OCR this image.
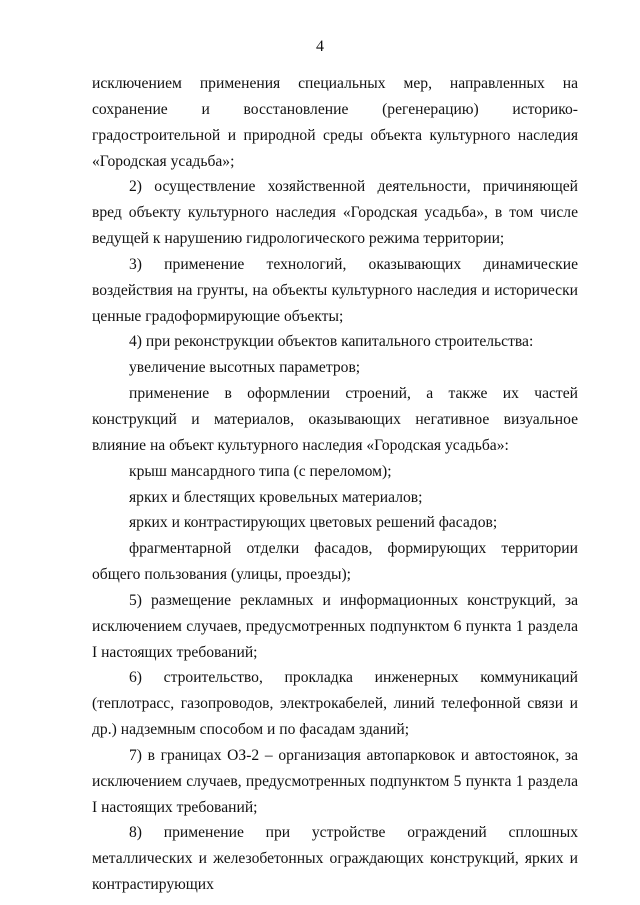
4

исключением применения специальных мер, направленных на сохранение и восстановление (регенерацию) историко-градостроительной и природной среды объекта культурного наследия «Городская усадьба»;

2) осуществление хозяйственной деятельности, причиняющей вред объекту культурного наследия «Городская усадьба», в том числе ведущей к нарушению гидрологического режима территории;

3) применение технологий, оказывающих динамические воздействия на грунты, на объекты культурного наследия и исторически ценные градоформирующие объекты;

4) при реконструкции объектов капитального строительства:

увеличение высотных параметров;

применение в оформлении строений, а также их частей конструкций и материалов, оказывающих негативное визуальное влияние на объект культурного наследия «Городская усадьба»:

крыш мансардного типа (с переломом);

ярких и блестящих кровельных материалов;

ярких и контрастирующих цветовых решений фасадов;

фрагментарной отделки фасадов, формирующих территории общего пользования (улицы, проезды);

5) размещение рекламных и информационных конструкций, за исключением случаев, предусмотренных подпунктом 6 пункта 1 раздела I настоящих требований;

6) строительство, прокладка инженерных коммуникаций (теплотрасс, газопроводов, электрокабелей, линий телефонной связи и др.) надземным способом и по фасадам зданий;

7) в границах ОЗ-2 – организация автопарковок и автостоянок, за исключением случаев, предусмотренных подпунктом 5 пункта 1 раздела I настоящих требований;

8) применение при устройстве ограждений сплошных металлических и железобетонных ограждающих конструкций, ярких и контрастирующих
